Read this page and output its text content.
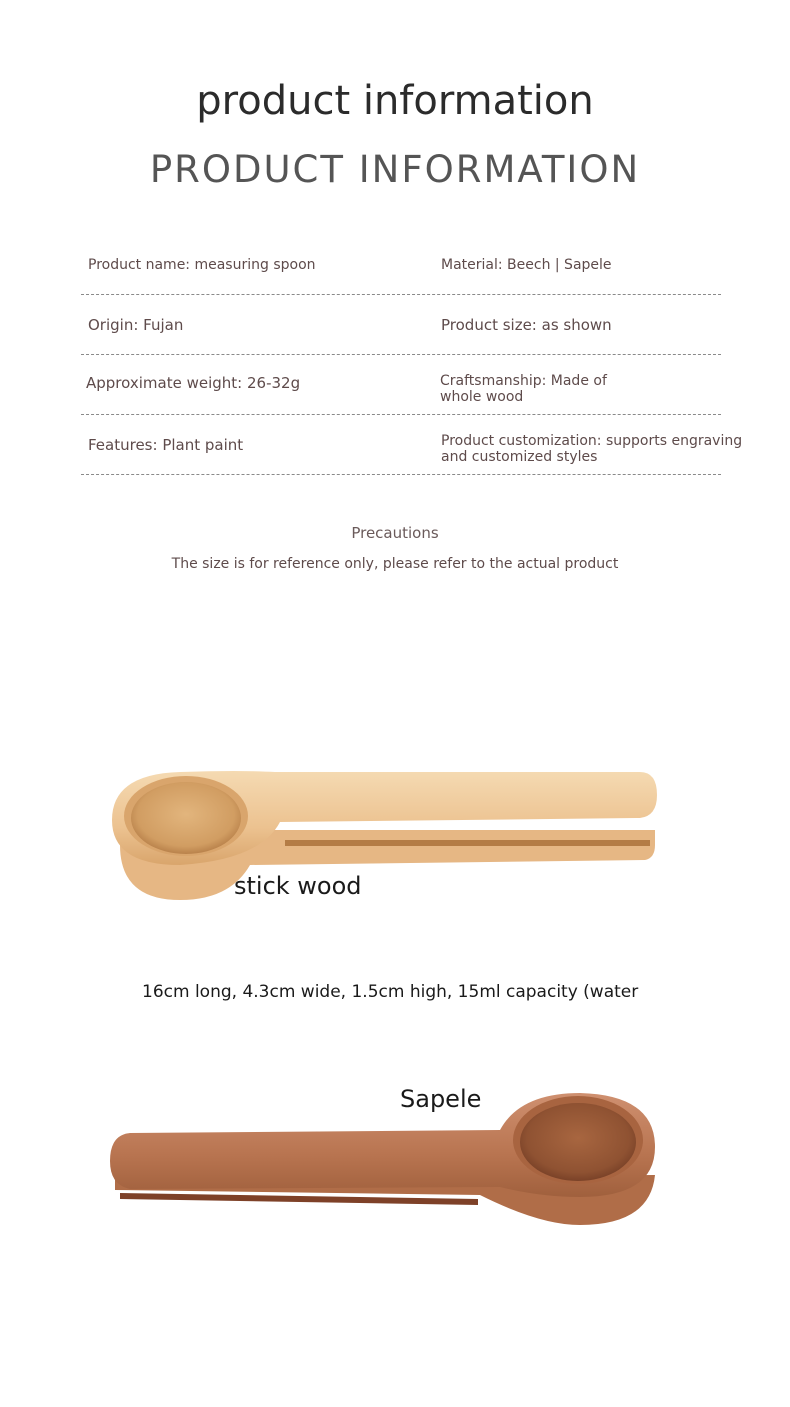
product information
PRODUCT INFORMATION
Product name: measuring spoon	Material: Beech | Sapele
Origin: Fujan	Product size: as shown
Approximate weight: 26-32g	Craftsmanship: Made of whole wood
Features: Plant paint	Product customization: supports engraving and customized styles
Precautions
The size is for reference only, please refer to the actual product
stick wood
16cm long, 4.3cm wide, 1.5cm high, 15ml capacity (water
Sapele
